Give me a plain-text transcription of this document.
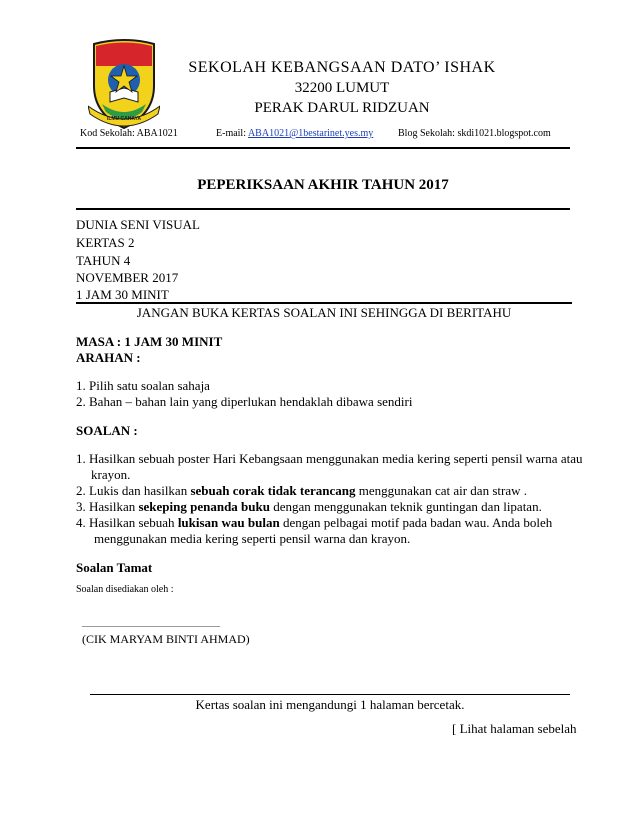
ILMU CAHAYA
SEKOLAH KEBANGSAAN DATO’ ISHAK
32200 LUMUT
PERAK DARUL RIDZUAN
Kod Sekolah: ABA1021	E-mail: ABA1021@1bestarinet.yes.my Blog Sekolah: skdi1021.blogspot.com
PEPERIKSAAN AKHIR TAHUN 2017
DUNIA SENI VISUAL
KERTAS 2
TAHUN 4
NOVEMBER 2017
1 JAM 30 MINIT
JANGAN BUKA KERTAS SOALAN INI SEHINGGA DI BERITAHU
MASA : 1 JAM 30 MINIT
ARAHAN :
1. Pilih satu soalan sahaja
2. Bahan – bahan lain yang diperlukan hendaklah dibawa sendiri
SOALAN :
1. Hasilkan sebuah poster Hari Kebangsaan menggunakan media kering seperti pensil warna atau
krayon.
2. Lukis dan hasilkan sebuah corak tidak terancang menggunakan cat air dan straw .
3. Hasilkan sekeping penanda buku dengan menggunakan teknik guntingan dan lipatan.
4. Hasilkan sebuah lukisan wau bulan dengan pelbagai motif pada badan wau. Anda boleh
menggunakan media kering seperti pensil warna dan krayon.
Soalan Tamat
Soalan disediakan oleh :
_______________________
(CIK MARYAM BINTI AHMAD)
Kertas soalan ini mengandungi 1 halaman bercetak.
[ Lihat halaman sebelah
